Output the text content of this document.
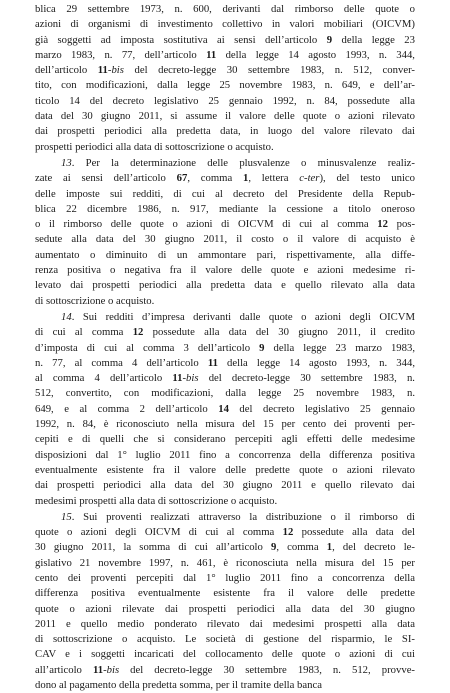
blica 29 settembre 1973, n. 600, derivanti dal rimborso delle quote o
azioni di organismi di investimento collettivo in valori mobiliari (OICVM)
già soggetti ad imposta sostitutiva ai sensi dell’articolo 9 della legge 23
marzo 1983, n. 77, dell’articolo 11 della legge 14 agosto 1993, n. 344,
dell’articolo 11-bis del decreto-legge 30 settembre 1983, n. 512, conver-
tito, con modificazioni, dalla legge 25 novembre 1983, n. 649, e dell’ar-
ticolo 14 del decreto legislativo 25 gennaio 1992, n. 84, possedute alla
data del 30 giugno 2011, si assume il valore delle quote o azioni rilevato
dai prospetti periodici alla predetta data, in luogo del valore rilevato dai
prospetti periodici alla data di sottoscrizione o acquisto.

13. Per la determinazione delle plusvalenze o minusvalenze realiz-
zate ai sensi dell’articolo 67, comma 1, lettera c-ter), del testo unico
delle imposte sui redditi, di cui al decreto del Presidente della Repub-
blica 22 dicembre 1986, n. 917, mediante la cessione a titolo oneroso
o il rimborso delle quote o azioni di OICVM di cui al comma 12 pos-
sedute alla data del 30 giugno 2011, il costo o il valore di acquisto è
aumentato o diminuito di un ammontare pari, rispettivamente, alla diffe-
renza positiva o negativa fra il valore delle quote e azioni medesime ri-
levato dai prospetti periodici alla predetta data e quello rilevato alla data
di sottoscrizione o acquisto.

14. Sui redditi d’impresa derivanti dalle quote o azioni degli OICVM
di cui al comma 12 possedute alla data del 30 giugno 2011, il credito
d’imposta di cui al comma 3 dell’articolo 9 della legge 23 marzo 1983,
n. 77, al comma 4 dell’articolo 11 della legge 14 agosto 1993, n. 344,
al comma 4 dell’articolo 11-bis del decreto-legge 30 settembre 1983, n.
512, convertito, con modificazioni, dalla legge 25 novembre 1983, n.
649, e al comma 2 dell’articolo 14 del decreto legislativo 25 gennaio
1992, n. 84, è riconosciuto nella misura del 15 per cento dei proventi per-
cepiti e di quelli che si considerano percepiti agli effetti delle medesime
disposizioni dal 1° luglio 2011 fino a concorrenza della differenza positiva
eventualmente esistente fra il valore delle predette quote o azioni rilevato
dai prospetti periodici alla data del 30 giugno 2011 e quello rilevato dai
medesimi prospetti alla data di sottoscrizione o acquisto.

15. Sui proventi realizzati attraverso la distribuzione o il rimborso di
quote o azioni degli OICVM di cui al comma 12 possedute alla data del
30 giugno 2011, la somma di cui all’articolo 9, comma 1, del decreto le-
gislativo 21 novembre 1997, n. 461, è riconosciuta nella misura del 15 per
cento dei proventi percepiti dal 1° luglio 2011 fino a concorrenza della
differenza positiva eventualmente esistente fra il valore delle predette
quote o azioni rilevate dai prospetti periodici alla data del 30 giugno
2011 e quello medio ponderato rilevato dai medesimi prospetti alla data
di sottoscrizione o acquisto. Le società di gestione del risparmio, le SI-
CAV e i soggetti incaricati del collocamento delle quote o azioni di cui
all’articolo 11-bis del decreto-legge 30 settembre 1983, n. 512, provve-
dono al pagamento della predetta somma, per il tramite della banca
